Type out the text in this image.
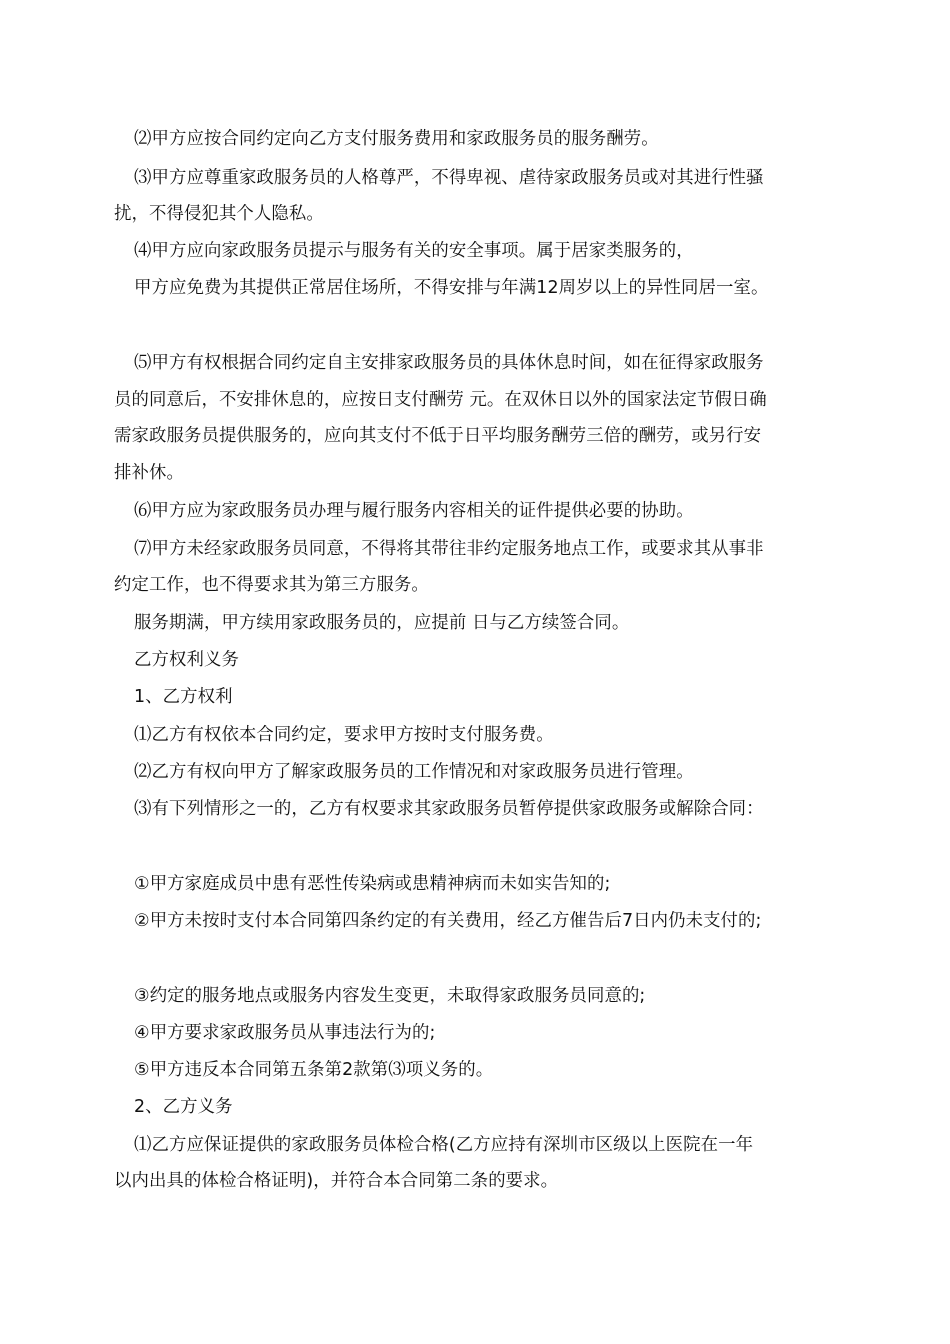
⑵甲方应按合同约定向乙方支付服务费用和家政服务员的服务酬劳。
⑶甲方应尊重家政服务员的人格尊严，不得卑视、虐待家政服务员或对其进行性骚
扰，不得侵犯其个人隐私。
⑷甲方应向家政服务员提示与服务有关的安全事项。属于居家类服务的，
甲方应免费为其提供正常居住场所，不得安排与年满12周岁以上的异性同居一室。
⑸甲方有权根据合同约定自主安排家政服务员的具体休息时间，如在征得家政服务
员的同意后，不安排休息的，应按日支付酬劳 元。在双休日以外的国家法定节假日确
需家政服务员提供服务的，应向其支付不低于日平均服务酬劳三倍的酬劳，或另行安
排补休。
⑹甲方应为家政服务员办理与履行服务内容相关的证件提供必要的协助。
⑺甲方未经家政服务员同意，不得将其带往非约定服务地点工作，或要求其从事非
约定工作，也不得要求其为第三方服务。
服务期满，甲方续用家政服务员的，应提前 日与乙方续签合同。
乙方权利义务
1、乙方权利
⑴乙方有权依本合同约定，要求甲方按时支付服务费。
⑵乙方有权向甲方了解家政服务员的工作情况和对家政服务员进行管理。
⑶有下列情形之一的，乙方有权要求其家政服务员暂停提供家政服务或解除合同：
①甲方家庭成员中患有恶性传染病或患精神病而未如实告知的;
②甲方未按时支付本合同第四条约定的有关费用，经乙方催告后7日内仍未支付的;
③约定的服务地点或服务内容发生变更，未取得家政服务员同意的;
④甲方要求家政服务员从事违法行为的;
⑤甲方违反本合同第五条第2款第⑶项义务的。
2、乙方义务
⑴乙方应保证提供的家政服务员体检合格(乙方应持有深圳市区级以上医院在一年
以内出具的体检合格证明)，并符合本合同第二条的要求。
